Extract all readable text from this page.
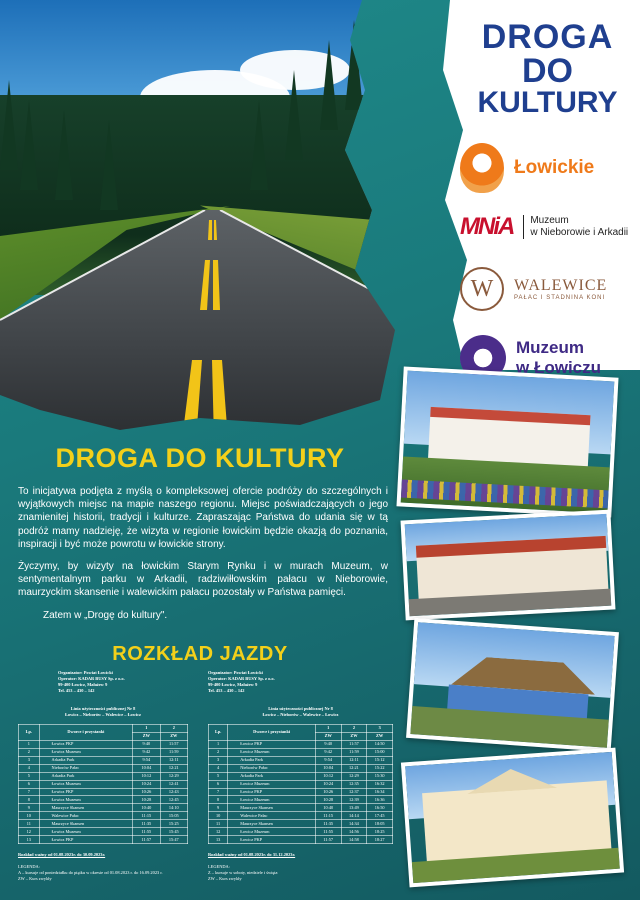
DROGA
DO
KULTURY
Łowickie
MNiA Muzeum
w Nieborowie i Arkadii
W	WALEWICE
PAŁAC I STADNINA KONI
Muzeum
w Łowiczu
DROGA DO KULTURY

To inicjatywa podjęta z myślą o kompleksowej ofercie podróży do szczególnych i wyjątkowych miejsc na mapie naszego regionu. Miejsc poświadczających o jego znamienitej historii, tradycji i kulturze. Zapraszając Państwa do udania się w tą podróż mamy nadzieję, że wizyta w regionie łowickim będzie okazją do poznania, inspiracji i być może powrotu w łowickie strony.

Życzymy, by wizyty na łowickim Starym Rynku i w murach Muzeum, w sentymentalnym parku w Arkadii, radziwiłłowskim pałacu w Nieborowie, maurzyckim skansenie i walewickim pałacu pozostały w Państwa pamięci.

Zatem w „Drogę do kultury".

ROZKŁAD JAZDY
Organizator: Powiat Łowicki
Operator: KADAR BUSY Sp. z o.o.
99-400 Łowicz, Małażew 9
Tel. 453 – 430 – 142
Linia użyteczności publicznej Nr 8
Łowicz – Nieborów – Walewice – Łowicz
Lp.	Dworce i przystanki	1	2
		ZW	ZW
1	Łowicz PKP	9:40	11:57
2	Łowicz Muzeum	9:42	11:59
3	Arkadia Park	9:54	12:11
4	Nieborów Pałac	10:04	12:21
5	Arkadia Park	10:12	12:29
6	Łowicz Muzeum	10:24	12:41
7	Łowicz PKP	10:26	12:43
8	Łowicz Muzeum	10:28	12:45
9	Maurzyce Skansen	10:40	14:10
10	Walewice Pałac	11:15	15:05
11	Maurzyce Skansen	11:35	15:25
12	Łowicz Muzeum	11:55	15:45
13	Łowicz PKP	11:57	15:47
Rozkład ważny od 01.08.2023r. do 30.09.2023r.
LEGENDA:
A – kursuje od poniedziałku do piątku w okresie od 01.08.2023 r. do 16.09.2023 r.
ZW – Kurs zwykły
Organizator: Powiat Łowicki
Operator: KADAR BUSY Sp. z o.o.
99-400 Łowicz, Małażew 9
Tel. 453 – 430 – 142
Linia użyteczności publicznej Nr 8
Łowicz – Nieborów – Walewice – Łowicz
Lp.	Dworce i przystanki	1	2	3
		ZW	ZW	ZW
1	Łowicz PKP	9:40	11:57	14:50
2	Łowicz Muzeum	9:42	11:59	15:00
3	Arkadia Park	9:54	12:11	15:12
4	Nieborów Pałac	10:04	12:21	15:22
5	Arkadia Park	10:12	12:29	15:30
6	Łowicz Muzeum	10:24	12:35	16:32
7	Łowicz PKP	10:26	12:37	16:34
8	Łowicz Muzeum	10:28	12:39	16:36
9	Maurzyce Skansen	10:40	13:49	16:50
10	Walewice Pałac	11:15	14:14	17:45
11	Maurzyce Skansen	11:35	14:34	18:05
12	Łowicz Muzeum	11:55	14:56	18:25
13	Łowicz PKP	11:57	14:58	18:27
Rozkład ważny od 01.08.2023r. do 31.12.2023r.
LEGENDA:
Z – kursuje w soboty, niedziele i święta
ZW – Kurs zwykły
